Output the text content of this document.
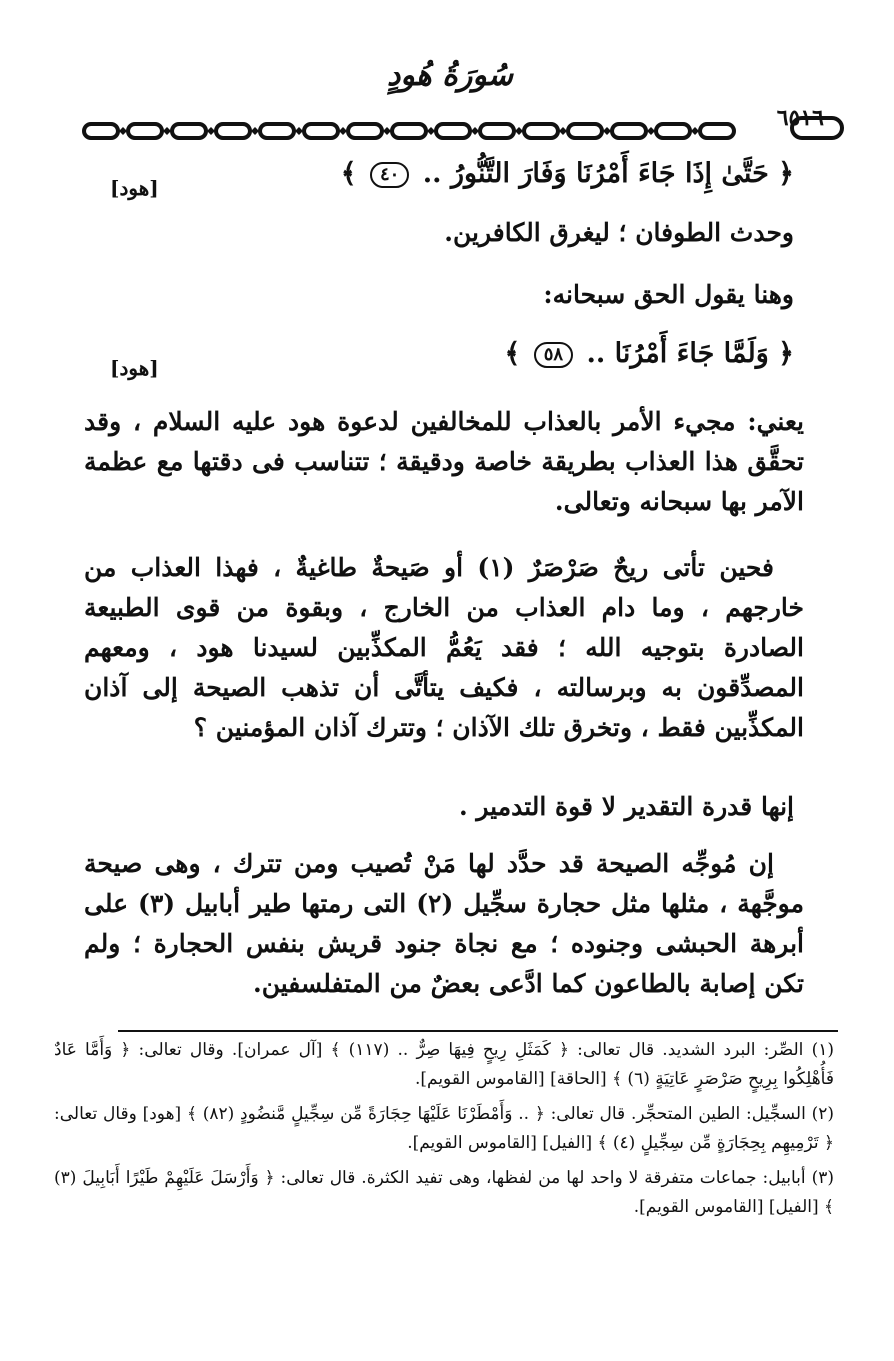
سُورَةُ هُودٍ
٦٥١٦
﴿ حَتَّىٰ إِذَا جَاءَ أَمْرُنَا وَفَارَ التَّنُّورُ .. ٤٠ ﴾
[هود]
وحدث الطوفان ؛ ليغرق الكافرين.
وهنا يقول الحق سبحانه:
﴿ وَلَمَّا جَاءَ أَمْرُنَا .. ٥٨ ﴾
[هود]

يعني: مجيء الأمر بالعذاب للمخالفين لدعوة هود عليه السلام ، وقد تحقَّق هذا العذاب بطريقة خاصة ودقيقة ؛ تتناسب فى دقتها مع عظمة الآمر بها سبحانه وتعالى.

فحين تأتى ريحٌ صَرْصَرٌ (١) أو صَيحةٌ طاغيةٌ ، فهذا العذاب من خارجهم ، وما دام العذاب من الخارج ، وبقوة من قوى الطبيعة الصادرة بتوجيه الله ؛ فقد يَعُمُّ المكذِّبين لسيدنا هود ، ومعهم المصدِّقون به وبرسالته ، فكيف يتأتَّى أن تذهب الصيحة إلى آذان المكذِّبين فقط ، وتخرق تلك الآذان ؛ وتترك آذان المؤمنين ؟

إنها قدرة التقدير لا قوة التدمير .

إن مُوجِّه الصيحة قد حدَّد لها مَنْ تُصيب ومن تترك ، وهى صيحة موجَّهة ، مثلها مثل حجارة سجِّيل (٢) التى رمتها طير أبابيل (٣) على أبرهة الحبشى وجنوده ؛ مع نجاة جنود قريش بنفس الحجارة ؛ ولم تكن إصابة بالطاعون كما ادَّعى بعضٌ من المتفلسفين.

(١) الصِّر: البرد الشديد. قال تعالى: ﴿ كَمَثَلِ رِيحٍ فِيهَا صِرٌّ .. (١١٧) ﴾ [آل عمران]. وقال تعالى: ﴿ وَأَمَّا عَادٌ فَأُهْلِكُوا بِرِيحٍ صَرْصَرٍ عَاتِيَةٍ (٦) ﴾ [الحاقة] [القاموس القويم].

(٢) السجِّيل: الطين المتحجِّر. قال تعالى: ﴿ .. وَأَمْطَرْنَا عَلَيْهَا حِجَارَةً مِّن سِجِّيلٍ مَّنضُودٍ (٨٢) ﴾ [هود] وقال تعالى: ﴿ تَرْمِيهِم بِحِجَارَةٍ مِّن سِجِّيلٍ (٤) ﴾ [الفيل] [القاموس القويم].

(٣) أبابيل: جماعات متفرقة لا واحد لها من لفظها، وهى تفيد الكثرة. قال تعالى: ﴿ وَأَرْسَلَ عَلَيْهِمْ طَيْرًا أَبَابِيلَ (٣) ﴾ [الفيل] [القاموس القويم].
